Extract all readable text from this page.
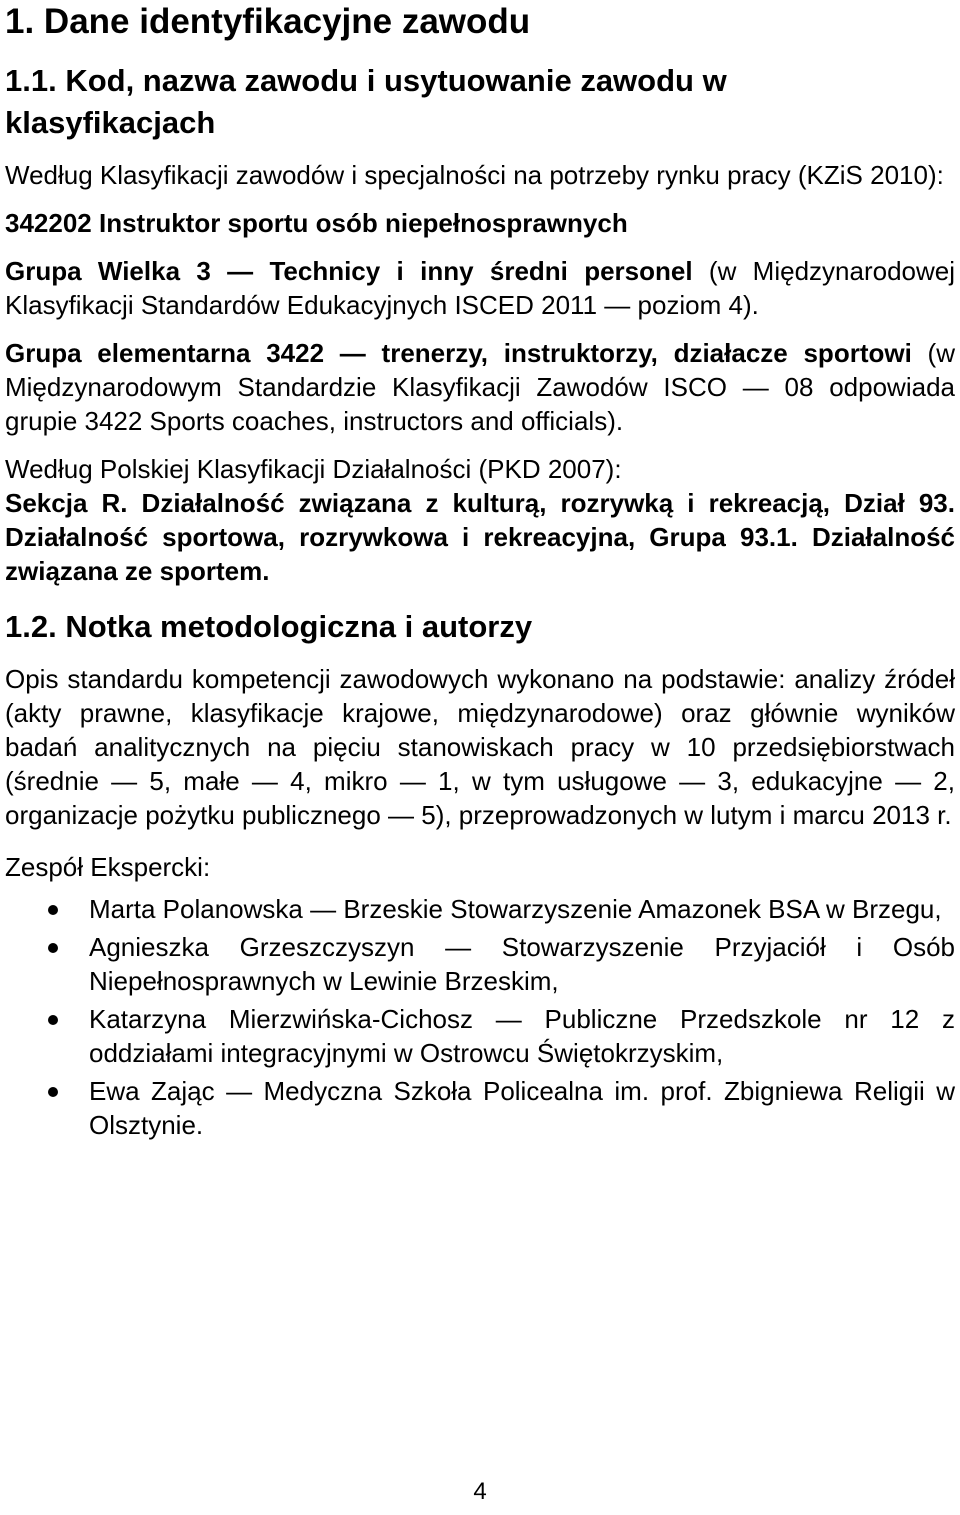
1. Dane identyfikacyjne zawodu
1.1. Kod, nazwa zawodu i usytuowanie zawodu w klasyfikacjach

Według Klasyfikacji zawodów i specjalności na potrzeby rynku pracy (KZiS 2010):

342202 Instruktor sportu osób niepełnosprawnych

Grupa Wielka 3 — Technicy i inny średni personel (w Międzynarodowej Klasyfikacji Standardów Edukacyjnych ISCED 2011 — poziom 4).

Grupa elementarna 3422 — trenerzy, instruktorzy, działacze sportowi (w Międzynarodowym Standardzie Klasyfikacji Zawodów ISCO — 08 odpowiada grupie 3422 Sports coaches, instructors and officials).

Według Polskiej Klasyfikacji Działalności (PKD 2007):

Sekcja R. Działalność związana z kulturą, rozrywką i rekreacją, Dział 93. Działalność sportowa, rozrywkowa i rekreacyjna, Grupa 93.1. Działalność związana ze sportem.

1.2. Notka metodologiczna i autorzy

Opis standardu kompetencji zawodowych wykonano na podstawie: analizy źródeł (akty prawne, klasyfikacje krajowe, międzynarodowe) oraz głównie wyników badań analitycznych na pięciu stanowiskach pracy w 10 przedsiębiorstwach (średnie — 5, małe — 4, mikro — 1, w tym usługowe — 3, edukacyjne — 2, organizacje pożytku publicznego — 5), przeprowadzonych w lutym i marcu 2013 r.

Zespół Ekspercki:

Marta Polanowska — Brzeskie Stowarzyszenie Amazonek BSA w Brzegu,
Agnieszka Grzeszczyszyn — Stowarzyszenie Przyjaciół i Osób Niepełnosprawnych w Lewinie Brzeskim,
Katarzyna Mierzwińska-Cichosz — Publiczne Przedszkole nr 12 z oddziałami integracyjnymi w Ostrowcu Świętokrzyskim,
Ewa Zając — Medyczna Szkoła Policealna im. prof. Zbigniewa Religii w Olsztynie.
4
